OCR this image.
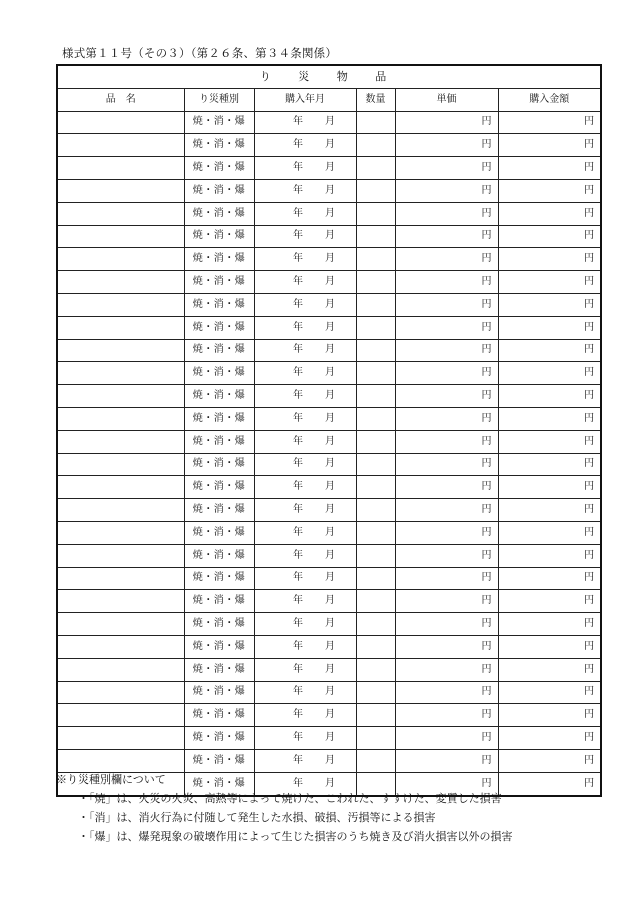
様式第１１号（その３）（第２６条、第３４条関係）
り 災 物 品					
品　名	り災種別	購入年月	数量	単価	購入金額
	焼・消・爆	年 月		円	円
	焼・消・爆	年 月		円	円
	焼・消・爆	年 月		円	円
	焼・消・爆	年 月		円	円
	焼・消・爆	年 月		円	円
	焼・消・爆	年 月		円	円
	焼・消・爆	年 月		円	円
	焼・消・爆	年 月		円	円
	焼・消・爆	年 月		円	円
	焼・消・爆	年 月		円	円
	焼・消・爆	年 月		円	円
	焼・消・爆	年 月		円	円
	焼・消・爆	年 月		円	円
	焼・消・爆	年 月		円	円
	焼・消・爆	年 月		円	円
	焼・消・爆	年 月		円	円
	焼・消・爆	年 月		円	円
	焼・消・爆	年 月		円	円
	焼・消・爆	年 月		円	円
	焼・消・爆	年 月		円	円
	焼・消・爆	年 月		円	円
	焼・消・爆	年 月		円	円
	焼・消・爆	年 月		円	円
	焼・消・爆	年 月		円	円
	焼・消・爆	年 月		円	円
	焼・消・爆	年 月		円	円
	焼・消・爆	年 月		円	円
	焼・消・爆	年 月		円	円
	焼・消・爆	年 月		円	円
	焼・消・爆	年 月		円	円
※り災種別欄について
・「焼」は、火災の火炎、高熱等によって焼けた、こわれた、すすけた、変質した損害
・「消」は、消火行為に付随して発生した水損、破損、汚損等による損害
・「爆」は、爆発現象の破壊作用によって生じた損害のうち焼き及び消火損害以外の損害
